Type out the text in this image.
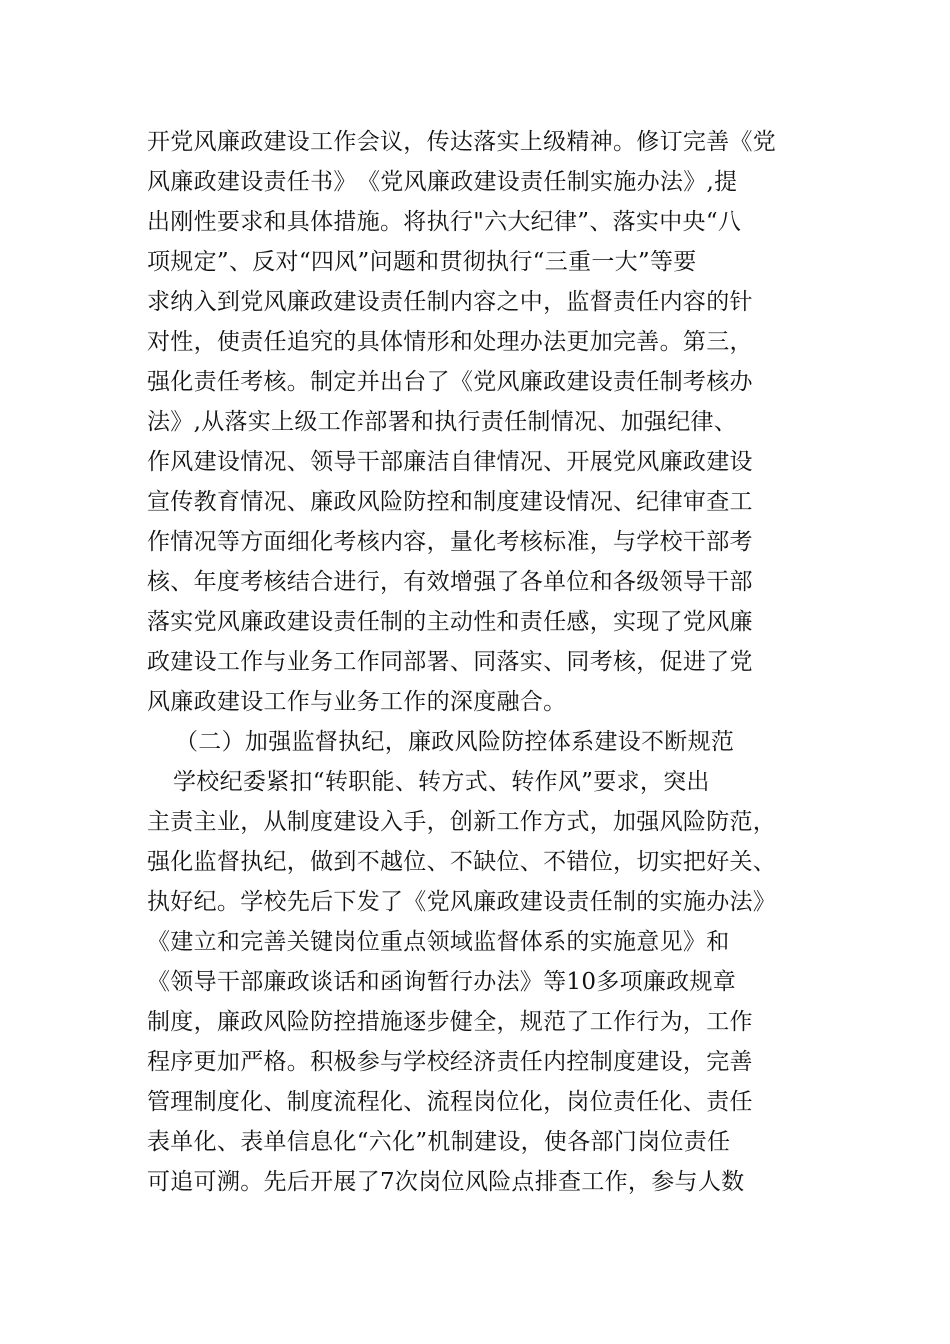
开党风廉政建设工作会议，传达落实上级精神。修订完善《党
风廉政建设责任书》　《党风廉政建设责任制实施办法》,提
出刚性要求和具体措施。将执行"六大纪律”、落实中央“八
项规定”、反对“四风”问题和贯彻执行“三重一大”等要
求纳入到党风廉政建设责任制内容之中，监督责任内容的针
对性，使责任追究的具体情形和处理办法更加完善。第三，
强化责任考核。制定并出台了《党风廉政建设责任制考核办
法》,从落实上级工作部署和执行责任制情况、加强纪律、
作风建设情况、领导干部廉洁自律情况、开展党风廉政建设
宣传教育情况、廉政风险防控和制度建设情况、纪律审查工
作情况等方面细化考核内容，量化考核标准，与学校干部考
核、年度考核结合进行，有效增强了各单位和各级领导干部
落实党风廉政建设责任制的主动性和责任感，实现了党风廉
政建设工作与业务工作同部署、同落实、同考核，促进了党
风廉政建设工作与业务工作的深度融合。
（二）加强监督执纪，廉政风险防控体系建设不断规范
学校纪委紧扣“转职能、转方式、转作风”要求，突出
主责主业，从制度建设入手，创新工作方式，加强风险防范，
强化监督执纪，做到不越位、不缺位、不错位，切实把好关、
执好纪。学校先后下发了《党风廉政建设责任制的实施办法》
《建立和完善关键岗位重点领域监督体系的实施意见》和
《领导干部廉政谈话和函询暂行办法》等10多项廉政规章
制度，廉政风险防控措施逐步健全，规范了工作行为，工作
程序更加严格。积极参与学校经济责任内控制度建设，完善
管理制度化、制度流程化、流程岗位化，岗位责任化、责任
表单化、表单信息化“六化”机制建设，使各部门岗位责任
可追可溯。先后开展了7次岗位风险点排查工作，参与人数
